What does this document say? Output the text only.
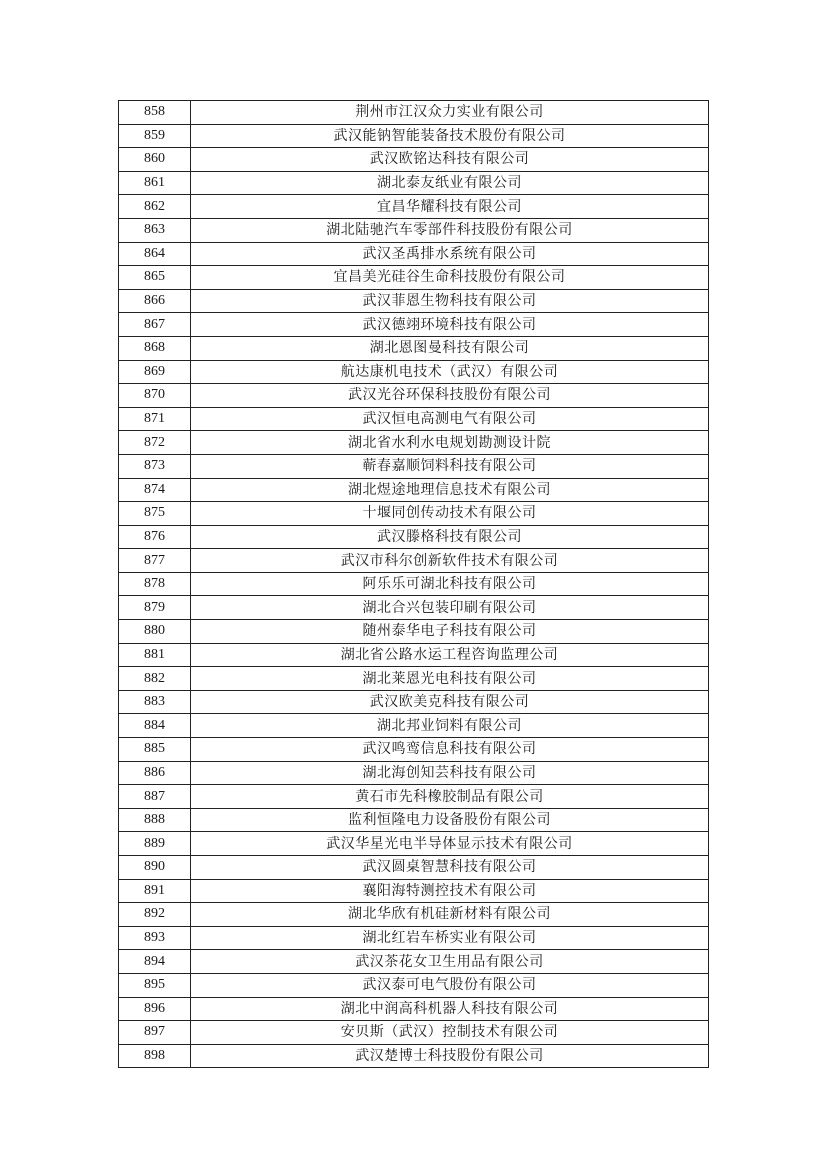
858	荆州市江汉众力实业有限公司
859	武汉能钠智能装备技术股份有限公司
860	武汉欧铭达科技有限公司
861	湖北泰友纸业有限公司
862	宜昌华耀科技有限公司
863	湖北陆驰汽车零部件科技股份有限公司
864	武汉圣禹排水系统有限公司
865	宜昌美光硅谷生命科技股份有限公司
866	武汉菲恩生物科技有限公司
867	武汉德翊环境科技有限公司
868	湖北恩图曼科技有限公司
869	航达康机电技术（武汉）有限公司
870	武汉光谷环保科技股份有限公司
871	武汉恒电高测电气有限公司
872	湖北省水利水电规划勘测设计院
873	蕲春嘉顺饲料科技有限公司
874	湖北煜途地理信息技术有限公司
875	十堰同创传动技术有限公司
876	武汉滕格科技有限公司
877	武汉市科尔创新软件技术有限公司
878	阿乐乐可湖北科技有限公司
879	湖北合兴包装印刷有限公司
880	随州泰华电子科技有限公司
881	湖北省公路水运工程咨询监理公司
882	湖北莱恩光电科技有限公司
883	武汉欧美克科技有限公司
884	湖北邦业饲料有限公司
885	武汉鸣鸾信息科技有限公司
886	湖北海创知芸科技有限公司
887	黄石市先科橡胶制品有限公司
888	监利恒隆电力设备股份有限公司
889	武汉华星光电半导体显示技术有限公司
890	武汉圆桌智慧科技有限公司
891	襄阳海特测控技术有限公司
892	湖北华欣有机硅新材料有限公司
893	湖北红岩车桥实业有限公司
894	武汉茶花女卫生用品有限公司
895	武汉泰可电气股份有限公司
896	湖北中润高科机器人科技有限公司
897	安贝斯（武汉）控制技术有限公司
898	武汉楚博士科技股份有限公司
